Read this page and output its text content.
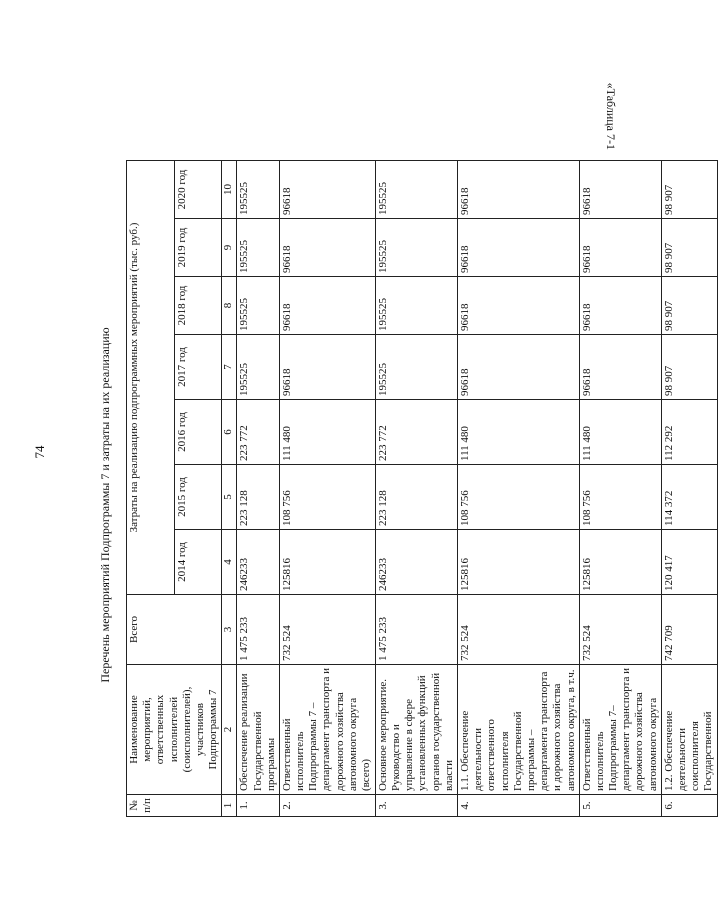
74
«Таблица 7-1
Перечень мероприятий Подпрограммы 7 и затраты на их реализацию
№ п/п	Наименование мероприятий, ответственных исполнителей (соисполнителей), участников Подпрограммы 7	Всего	Затраты на реализацию подпрограммных мероприятий (тыс. руб.)						
			2014 год	2015 год	2016 год	2017 год	2018 год	2019 год	2020 год
1	2	3	4	5	6	7	8	9	10
1.	Обеспечение реализации Государственной программы	1 475 233	246233	223 128	223 772	195525	195525	195525	195525
2.	Ответственный исполнитель Подпрограммы 7 – департамент транспорта и дорожного хозяйства автономного округа (всего)	732 524	125816	108 756	111 480	96618	96618	96618	96618
3.	Основное мероприятие. Руководство и управление в сфере установленных функций органов государственной власти	1 475 233	246233	223 128	223 772	195525	195525	195525	195525
4.	1.1. Обеспечение деятельности ответственного исполнителя Государственной программы – департамента транспорта и дорожного хозяйства автономного округа, в т.ч.	732 524	125816	108 756	111 480	96618	96618	96618	96618
5.	Ответственный исполнитель Подпрограммы 7– департамент транспорта и дорожного хозяйства автономного округа	732 524	125816	108 756	111 480	96618	96618	96618	96618
6.	1.2. Обеспечение деятельности соисполнителя Государственной	742 709	120 417	114 372	112 292	98 907	98 907	98 907	98 907
